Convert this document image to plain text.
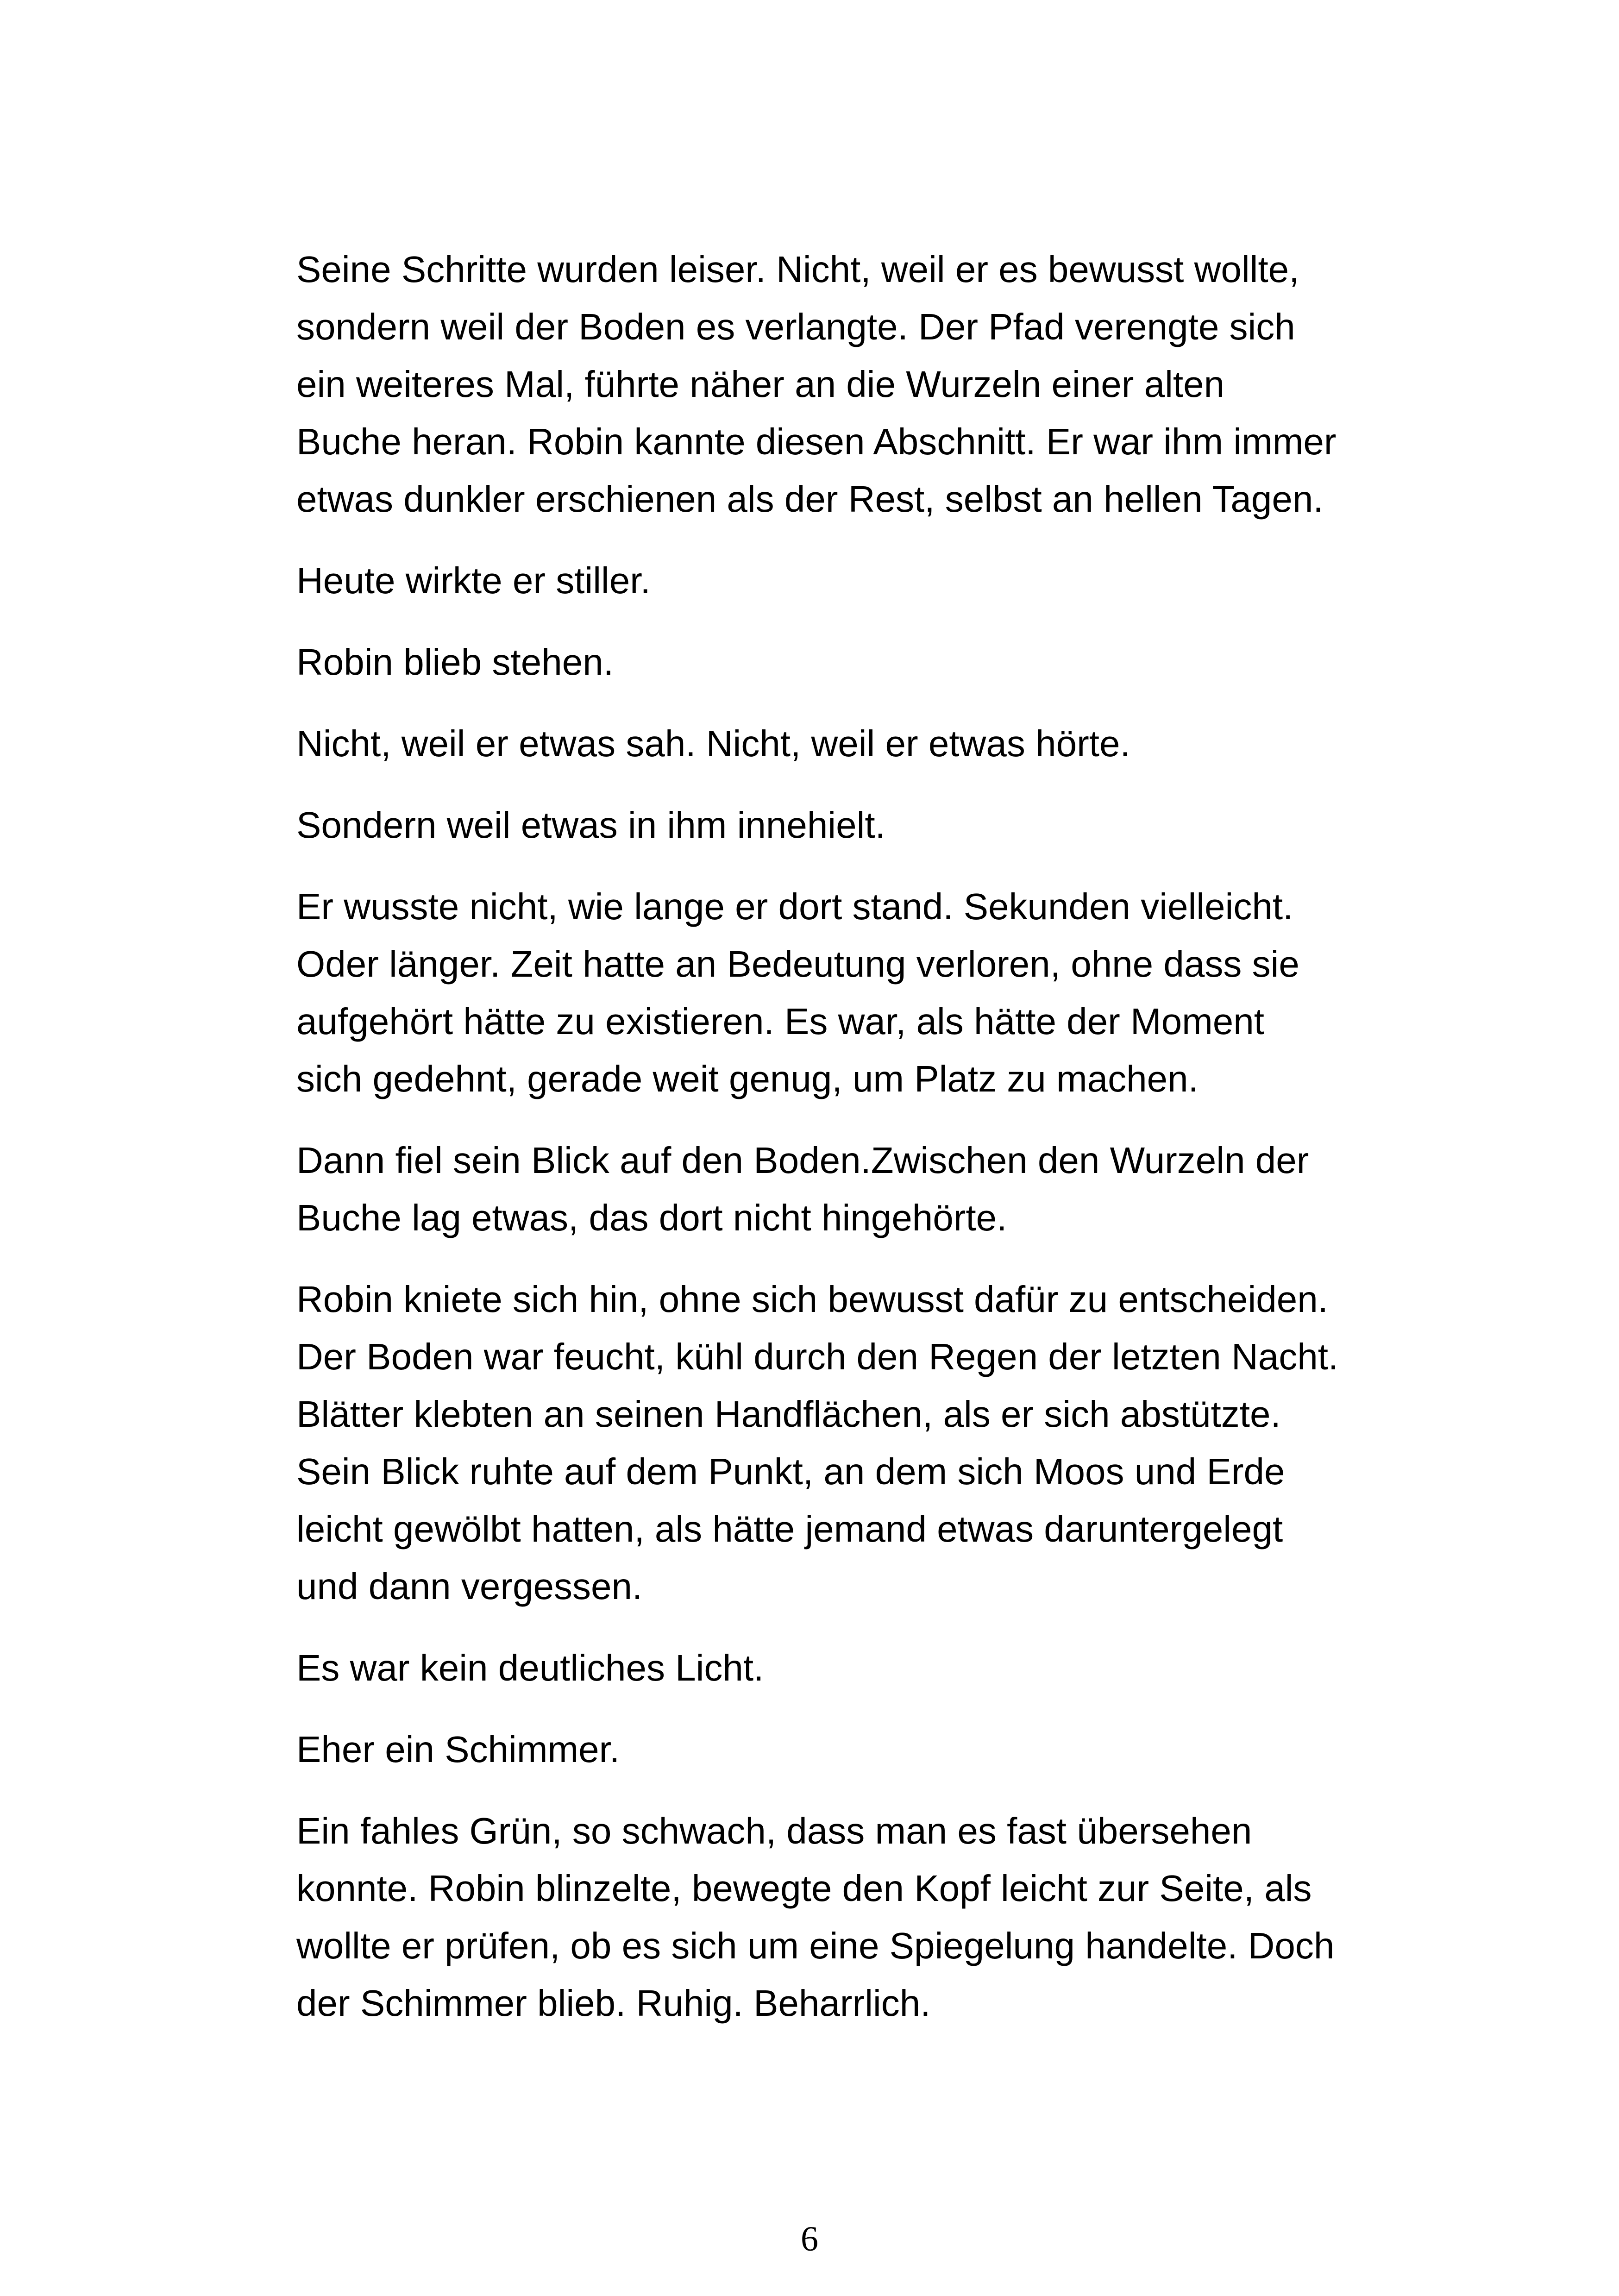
Seine Schritte wurden leiser. Nicht, weil er es bewusst wollte,
sondern weil der Boden es verlangte. Der Pfad verengte sich
ein weiteres Mal, führte näher an die Wurzeln einer alten
Buche heran. Robin kannte diesen Abschnitt. Er war ihm immer
etwas dunkler erschienen als der Rest, selbst an hellen Tagen.

Heute wirkte er stiller.

Robin blieb stehen.

Nicht, weil er etwas sah. Nicht, weil er etwas hörte.

Sondern weil etwas in ihm innehielt.

Er wusste nicht, wie lange er dort stand. Sekunden vielleicht.
Oder länger. Zeit hatte an Bedeutung verloren, ohne dass sie
aufgehört hätte zu existieren. Es war, als hätte der Moment
sich gedehnt, gerade weit genug, um Platz zu machen.

Dann fiel sein Blick auf den Boden.Zwischen den Wurzeln der
Buche lag etwas, das dort nicht hingehörte.

Robin kniete sich hin, ohne sich bewusst dafür zu entscheiden.
Der Boden war feucht, kühl durch den Regen der letzten Nacht.
Blätter klebten an seinen Handflächen, als er sich abstützte.
Sein Blick ruhte auf dem Punkt, an dem sich Moos und Erde
leicht gewölbt hatten, als hätte jemand etwas daruntergelegt
und dann vergessen.

Es war kein deutliches Licht.

Eher ein Schimmer.

Ein fahles Grün, so schwach, dass man es fast übersehen
konnte. Robin blinzelte, bewegte den Kopf leicht zur Seite, als
wollte er prüfen, ob es sich um eine Spiegelung handelte. Doch
der Schimmer blieb. Ruhig. Beharrlich.

6
